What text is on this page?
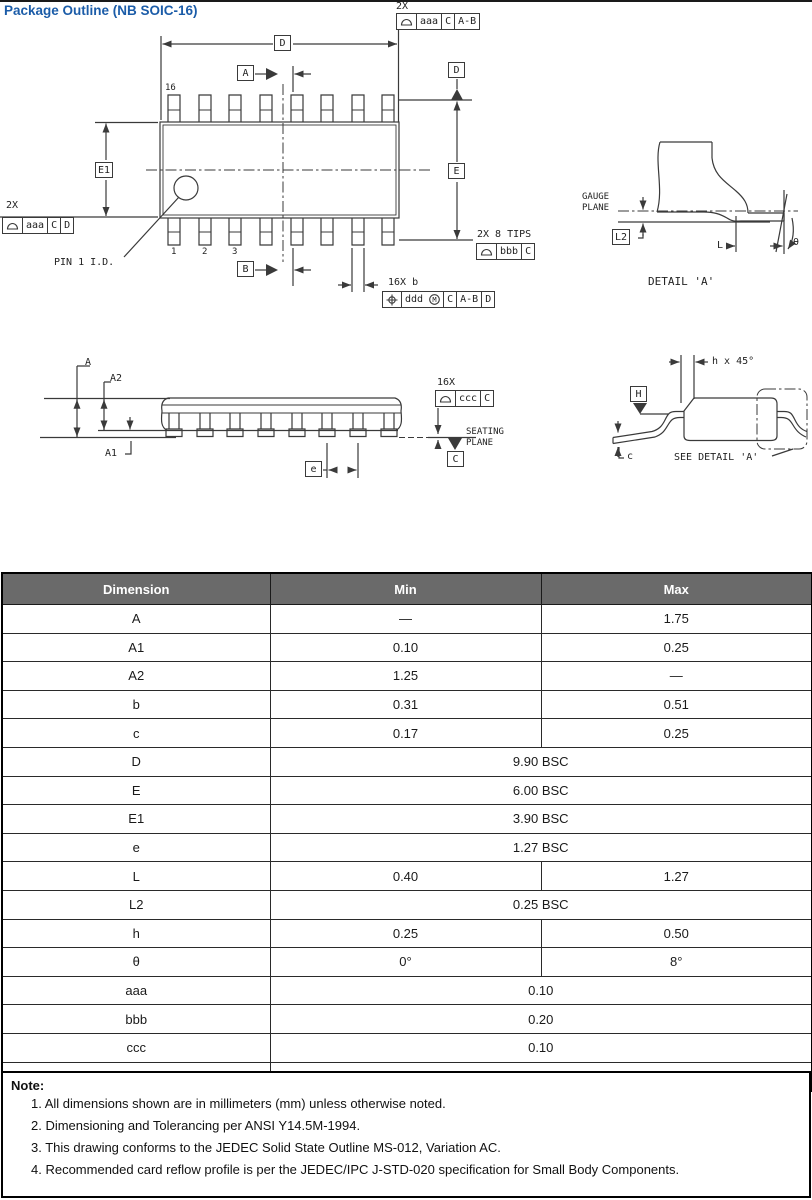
Package Outline (NB SOIC-16)	2X
aaa C A-B
D
A
16
D
E
E1
2X
aaa C D
PIN 1 I.D.
1	2	3
B
2X 8 TIPS
bbb C
16X b
ddd
M	C A-B D
GAUGE
PLANE
L2
L	θ
DETAIL 'A'
A
A2
A1
16X
ccc C
SEATING
PLANE
C
e
h x 45°
H
c	SEE DETAIL 'A'
Dimension	Min	Max
A	—	1.75
A1	0.10	0.25
A2	1.25	—
b	0.31	0.51
c	0.17	0.25
D	9.90 BSC	
E	6.00 BSC	
E1	3.90 BSC	
e	1.27 BSC	
L	0.40	1.27
L2	0.25 BSC	
h	0.25	0.50
θ	0°	8°
aaa	0.10	
bbb	0.20	
ccc	0.10	

Note:
1. All dimensions shown are in millimeters (mm) unless otherwise noted.
2. Dimensioning and Tolerancing per ANSI Y14.5M-1994.
3. This drawing conforms to the JEDEC Solid State Outline MS-012, Variation AC.
4. Recommended card reflow profile is per the JEDEC/IPC J-STD-020 specification for Small Body Components.
